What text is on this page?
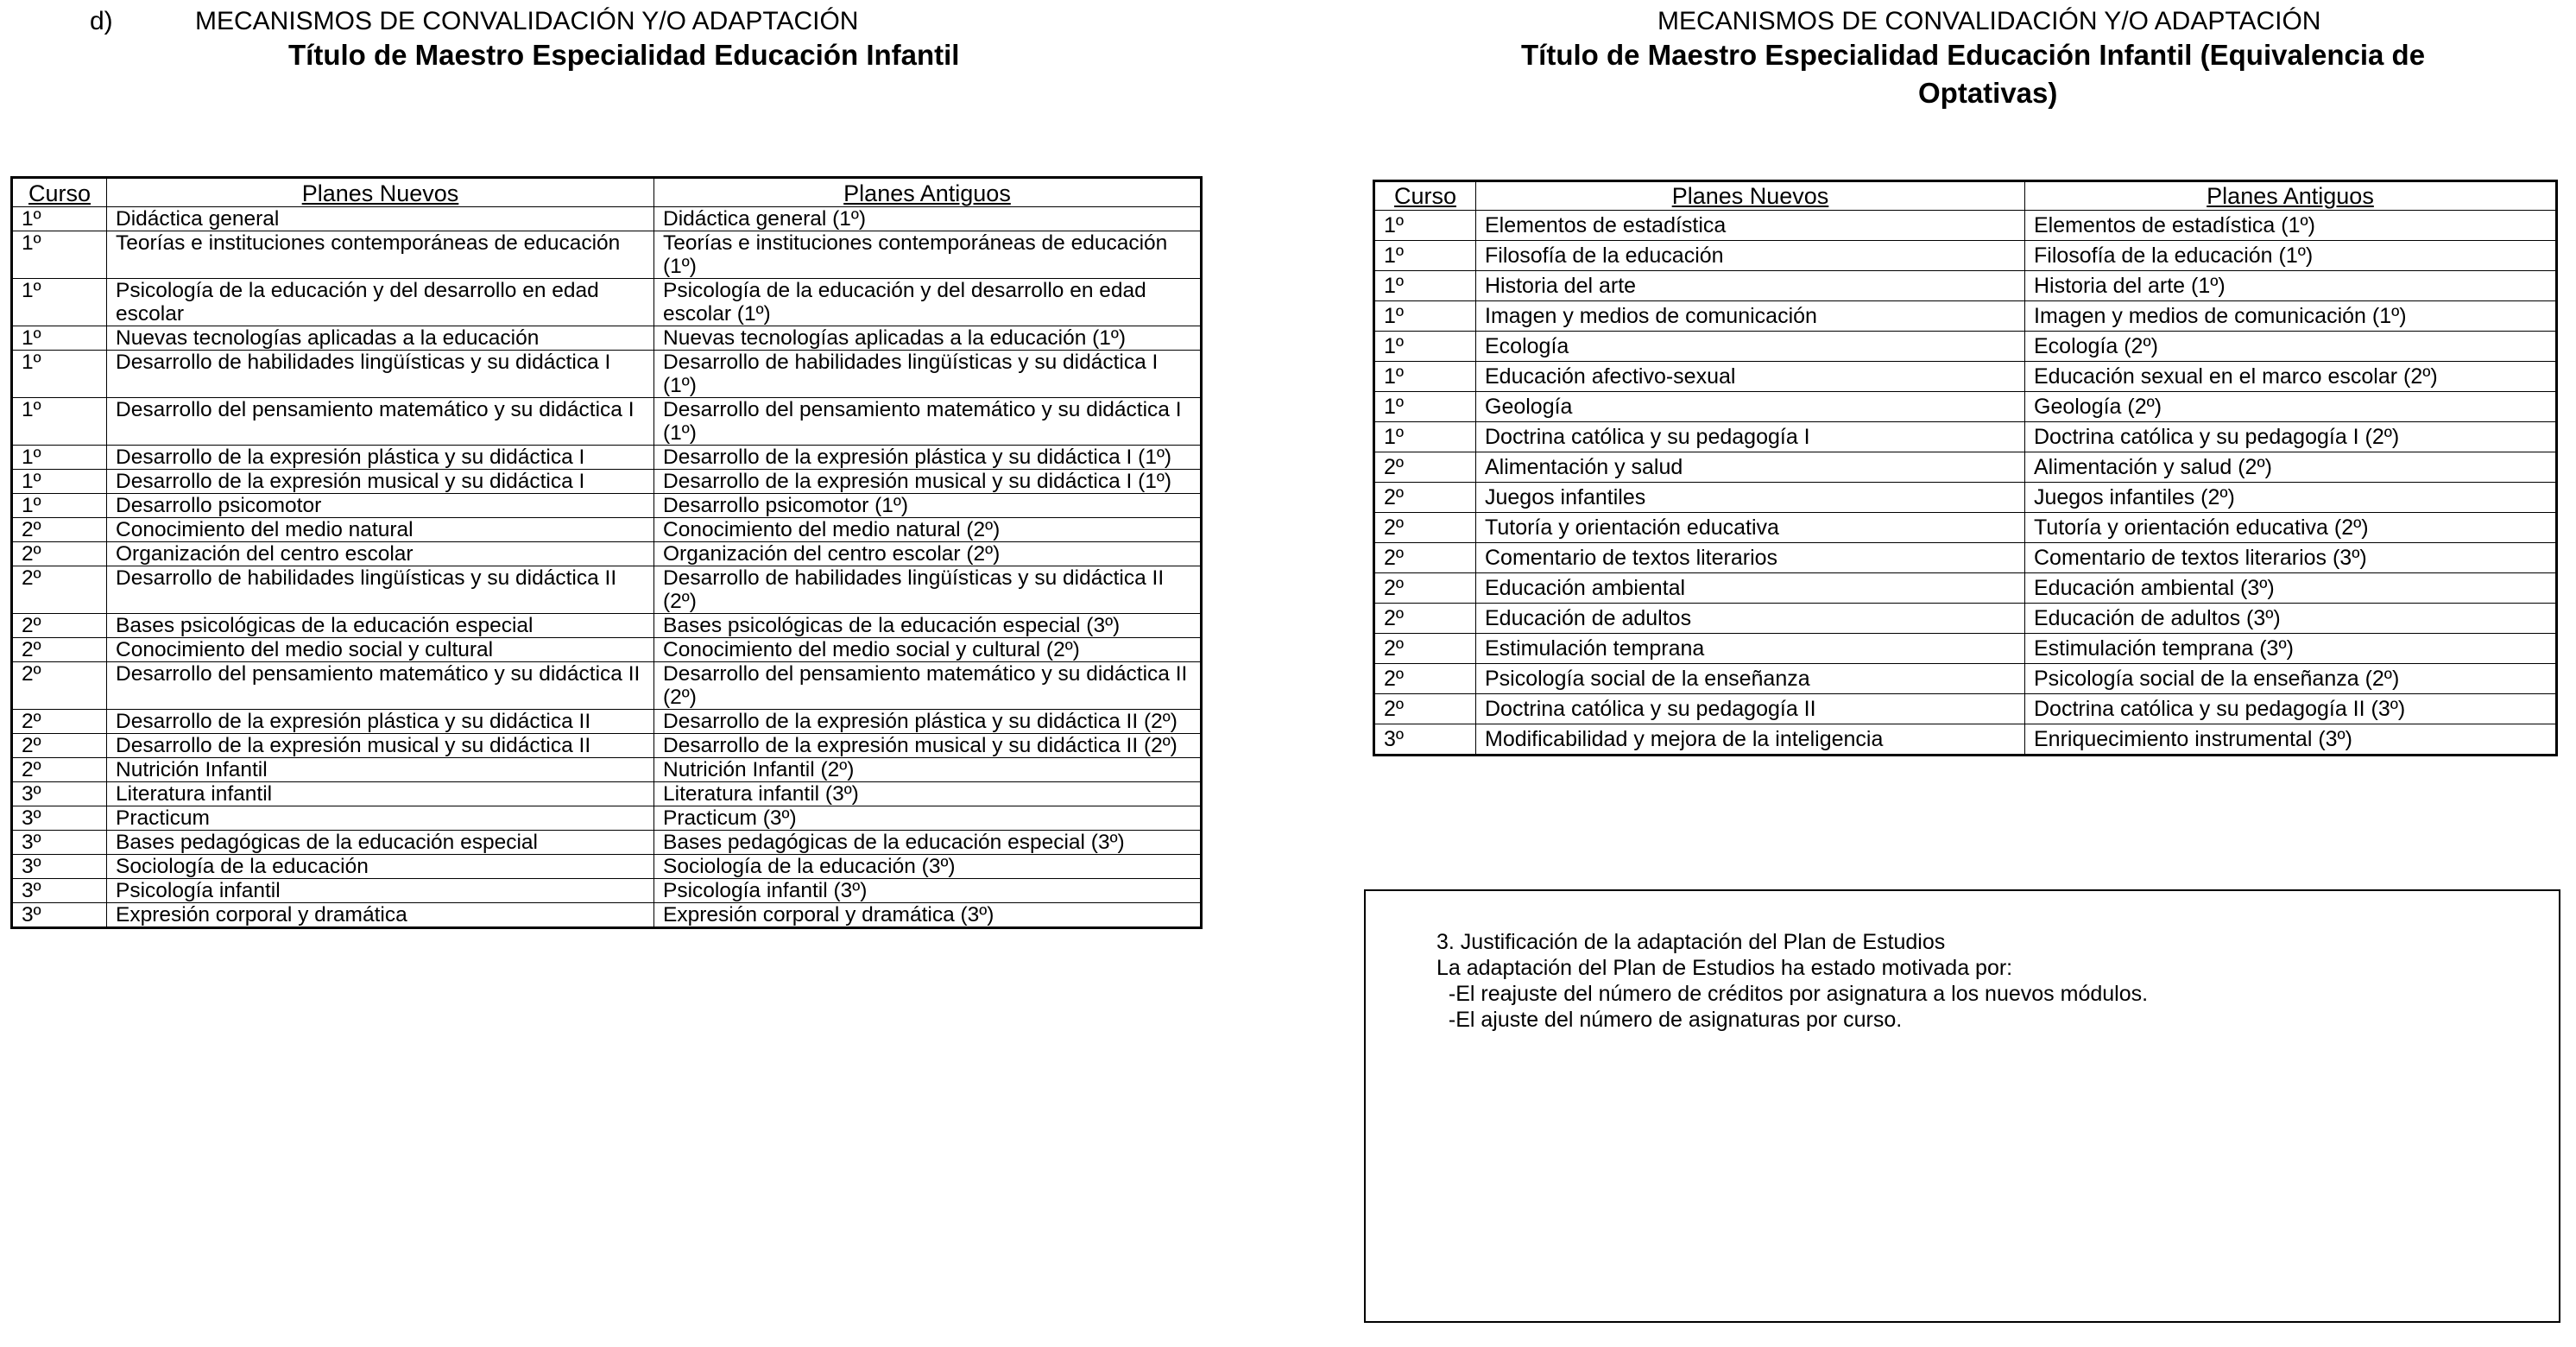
d)	MECANISMOS DE CONVALIDACIÓN Y/O ADAPTACIÓN
Título de Maestro Especialidad Educación Infantil
Curso	Planes Nuevos	Planes Antiguos
1º	Didáctica general	Didáctica general (1º)
1º	Teorías e instituciones contemporáneas de educación	Teorías e instituciones contemporáneas de educación (1º)
1º	Psicología de la educación y del desarrollo en edad escolar	Psicología de la educación y del desarrollo en edad escolar (1º)
1º	Nuevas tecnologías aplicadas a la educación	Nuevas tecnologías aplicadas a la educación (1º)
1º	Desarrollo de habilidades lingüísticas y su didáctica I	Desarrollo de habilidades lingüísticas y su didáctica I (1º)
1º	Desarrollo del pensamiento matemático y su didáctica I	Desarrollo del pensamiento matemático y su didáctica I (1º)
1º	Desarrollo de la expresión plástica y su didáctica I	Desarrollo de la expresión plástica y su didáctica I (1º)
1º	Desarrollo de la expresión musical y su didáctica I	Desarrollo de la expresión musical y su didáctica I (1º)
1º	Desarrollo psicomotor	Desarrollo psicomotor (1º)
2º	Conocimiento del medio natural	Conocimiento del medio natural (2º)
2º	Organización del centro escolar	Organización del centro escolar (2º)
2º	Desarrollo de habilidades lingüísticas y su didáctica II	Desarrollo de habilidades lingüísticas y su didáctica II (2º)
2º	Bases psicológicas de la educación especial	Bases psicológicas de la educación especial (3º)
2º	Conocimiento del medio social y cultural	Conocimiento del medio social y cultural (2º)
2º	Desarrollo del pensamiento matemático y su didáctica II	Desarrollo del pensamiento matemático y su didáctica II (2º)
2º	Desarrollo de la expresión plástica y su didáctica II	Desarrollo de la expresión plástica y su didáctica II (2º)
2º	Desarrollo de la expresión musical y su didáctica II	Desarrollo de la expresión musical y su didáctica II (2º)
2º	Nutrición Infantil	Nutrición Infantil (2º)
3º	Literatura infantil	Literatura infantil (3º)
3º	Practicum	Practicum (3º)
3º	Bases pedagógicas de la educación especial	Bases pedagógicas de la educación especial (3º)
3º	Sociología de la educación	Sociología de la educación (3º)
3º	Psicología infantil	Psicología infantil (3º)
3º	Expresión corporal y dramática	Expresión corporal y dramática (3º)
MECANISMOS DE CONVALIDACIÓN Y/O ADAPTACIÓN
Título de Maestro Especialidad Educación Infantil (Equivalencia de
Optativas)
Curso	Planes Nuevos	Planes Antiguos
1º	Elementos de estadística	Elementos de estadística (1º)
1º	Filosofía de la educación	Filosofía de la educación (1º)
1º	Historia del arte	Historia del arte (1º)
1º	Imagen y medios de comunicación	Imagen y medios de comunicación (1º)
1º	Ecología	Ecología (2º)
1º	Educación afectivo-sexual	Educación sexual en el marco escolar (2º)
1º	Geología	Geología (2º)
1º	Doctrina católica y su pedagogía I	Doctrina católica y su pedagogía I (2º)
2º	Alimentación y salud	Alimentación y salud (2º)
2º	Juegos infantiles	Juegos infantiles (2º)
2º	Tutoría y orientación educativa	Tutoría y orientación educativa (2º)
2º	Comentario de textos literarios	Comentario de textos literarios (3º)
2º	Educación ambiental	Educación ambiental (3º)
2º	Educación de adultos	Educación de adultos (3º)
2º	Estimulación temprana	Estimulación temprana (3º)
2º	Psicología social de la enseñanza	Psicología social de la enseñanza (2º)
2º	Doctrina católica y su pedagogía II	Doctrina católica y su pedagogía II (3º)
3º	Modificabilidad y mejora de la inteligencia	Enriquecimiento instrumental (3º)
3. Justificación de la adaptación del Plan de Estudios
La adaptación del Plan de Estudios ha estado motivada por:
-El reajuste del número de créditos por asignatura a los nuevos módulos.
-El ajuste del número de asignaturas por curso.
